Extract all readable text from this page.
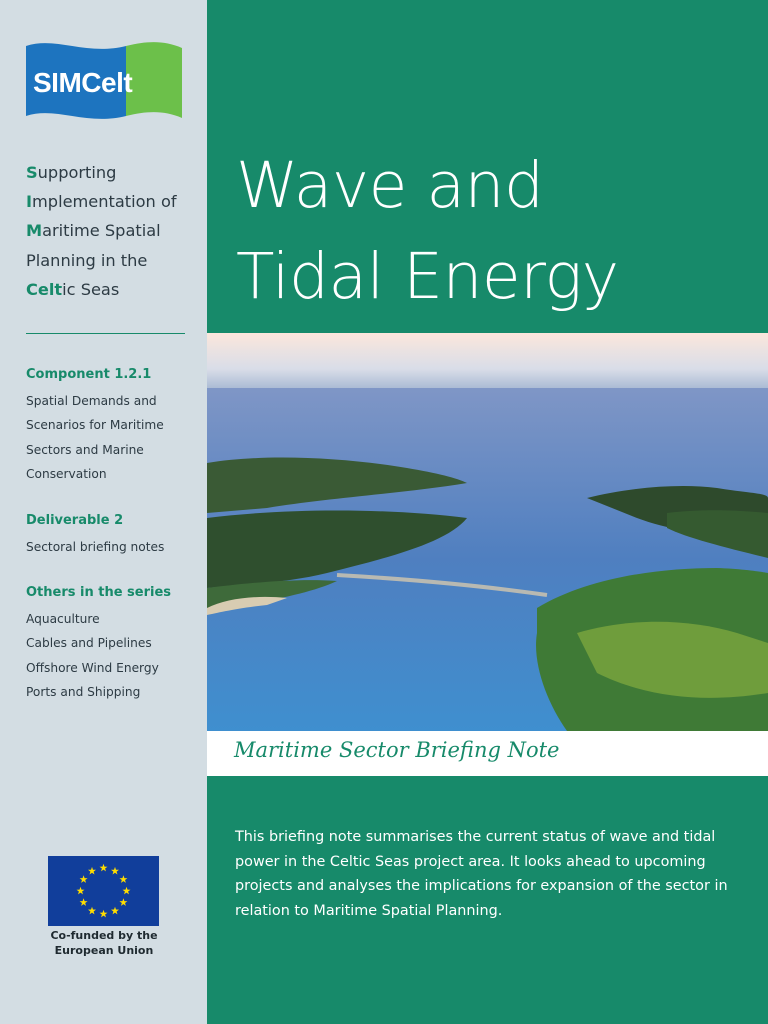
SIMCelt
Supporting
Implementation of
Maritime Spatial
Planning in the
Celtic Seas
Component 1.2.1
Spatial Demands and
Scenarios for Maritime
Sectors and Marine
Conservation
Deliverable 2
Sectoral briefing notes
Others in the series
Aquaculture
Cables and Pipelines
Offshore Wind Energy
Ports and Shipping
Co-funded by the
European Union
Wave and
Tidal Energy
Maritime Sector Briefing Note
This briefing note summarises the current status of wave and tidal power in the Celtic Seas project area. It looks ahead to upcoming projects and analyses the implications for expansion of the sector in relation to Maritime Spatial Planning.
